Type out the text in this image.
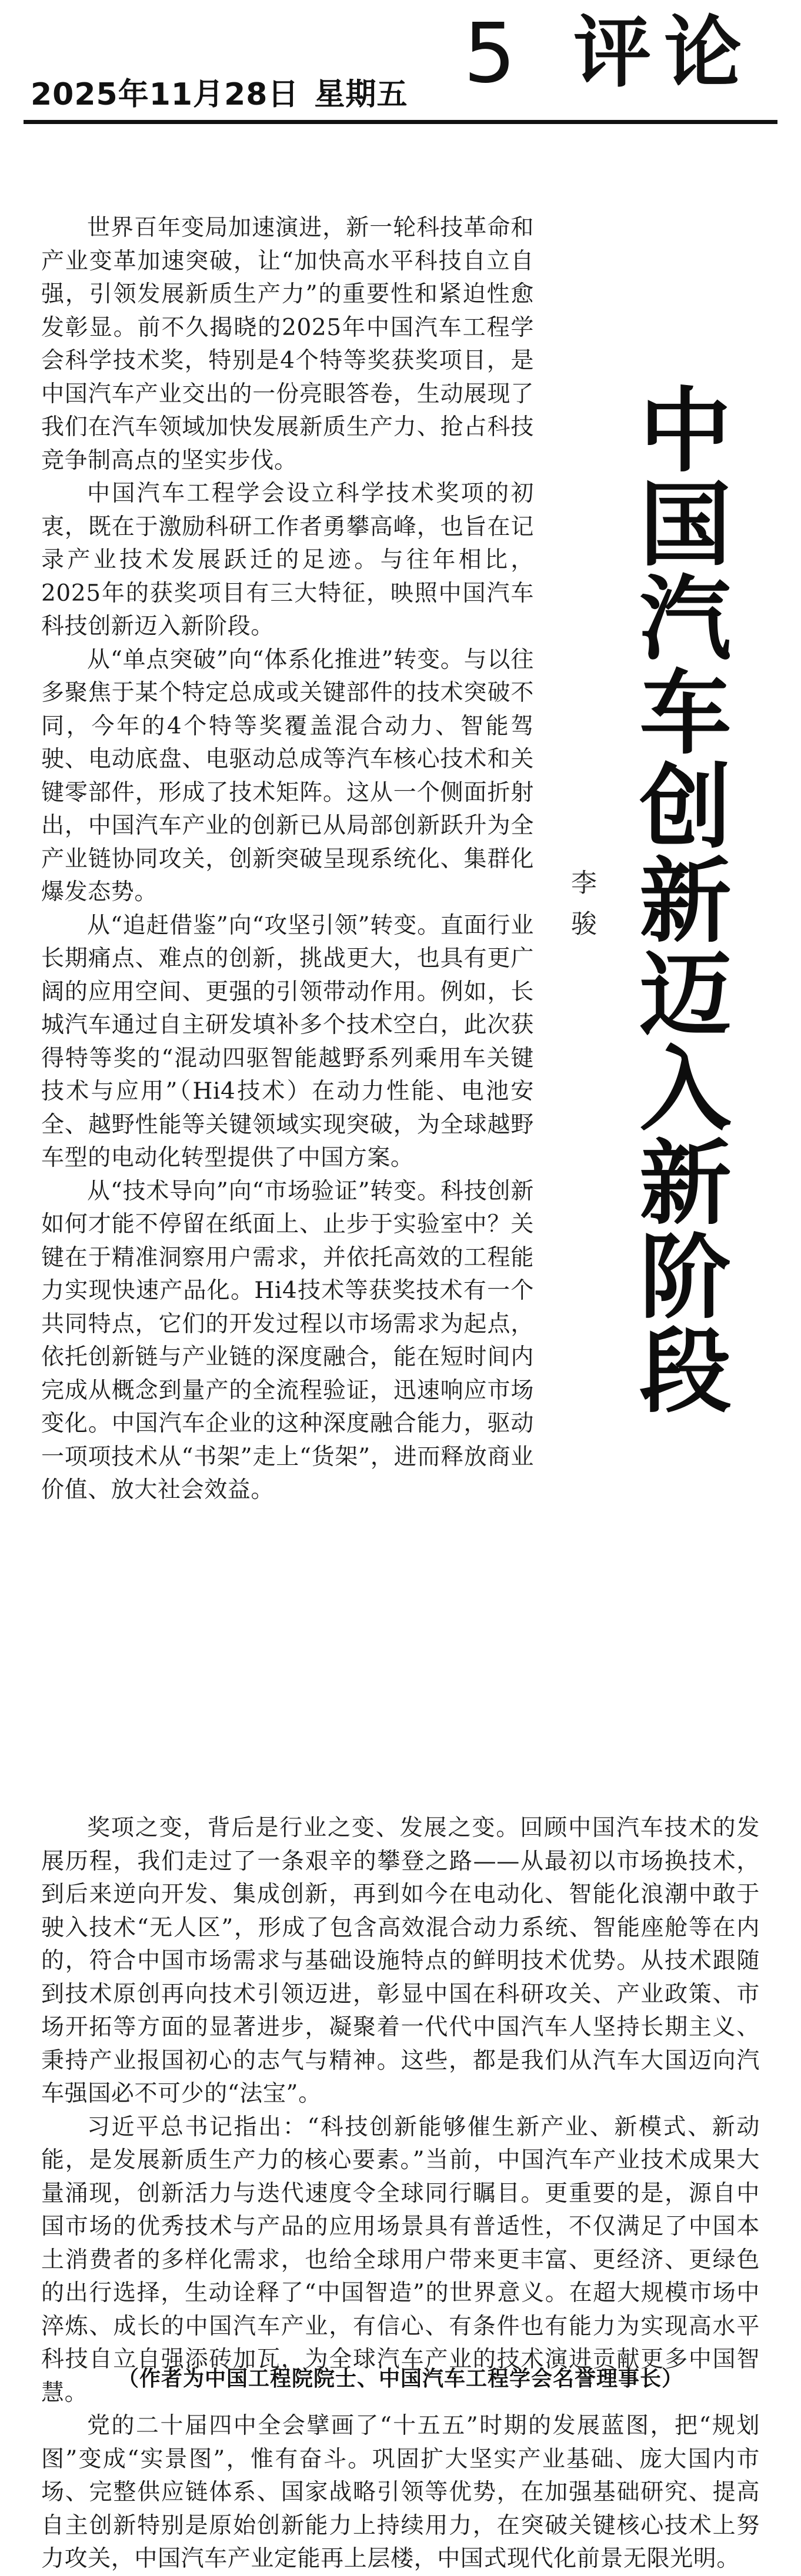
2025年11月28日 星期五 5 评论
中国汽车创新迈入新阶段
李骏

世界百年变局加速演进，新一轮科技革命和产业变革加速突破，让“加快高水平科技自立自强，引领发展新质生产力”的重要性和紧迫性愈发彰显。前不久揭晓的2025年中国汽车工程学会科学技术奖，特别是4个特等奖获奖项目，是中国汽车产业交出的一份亮眼答卷，生动展现了我们在汽车领域加快发展新质生产力、抢占科技竞争制高点的坚实步伐。

中国汽车工程学会设立科学技术奖项的初衷，既在于激励科研工作者勇攀高峰，也旨在记录产业技术发展跃迁的足迹。与往年相比，2025年的获奖项目有三大特征，映照中国汽车科技创新迈入新阶段。

从“单点突破”向“体系化推进”转变。与以往多聚焦于某个特定总成或关键部件的技术突破不同，今年的4个特等奖覆盖混合动力、智能驾驶、电动底盘、电驱动总成等汽车核心技术和关键零部件，形成了技术矩阵。这从一个侧面折射出，中国汽车产业的创新已从局部创新跃升为全产业链协同攻关，创新突破呈现系统化、集群化爆发态势。

从“追赶借鉴”向“攻坚引领”转变。直面行业长期痛点、难点的创新，挑战更大，也具有更广阔的应用空间、更强的引领带动作用。例如，长城汽车通过自主研发填补多个技术空白，此次获得特等奖的“混动四驱智能越野系列乘用车关键技术与应用”（Hi4技术）在动力性能、电池安全、越野性能等关键领域实现突破，为全球越野车型的电动化转型提供了中国方案。

从“技术导向”向“市场验证”转变。科技创新如何才能不停留在纸面上、止步于实验室中？关键在于精准洞察用户需求，并依托高效的工程能力实现快速产品化。Hi4技术等获奖技术有一个共同特点，它们的开发过程以市场需求为起点，依托创新链与产业链的深度融合，能在短时间内完成从概念到量产的全流程验证，迅速响应市场变化。中国汽车企业的这种深度融合能力，驱动一项项技术从“书架”走上“货架”，进而释放商业价值、放大社会效益。

奖项之变，背后是行业之变、发展之变。回顾中国汽车技术的发展历程，我们走过了一条艰辛的攀登之路——从最初以市场换技术，到后来逆向开发、集成创新，再到如今在电动化、智能化浪潮中敢于驶入技术“无人区”，形成了包含高效混合动力系统、智能座舱等在内的，符合中国市场需求与基础设施特点的鲜明技术优势。从技术跟随到技术原创再向技术引领迈进，彰显中国在科研攻关、产业政策、市场开拓等方面的显著进步，凝聚着一代代中国汽车人坚持长期主义、秉持产业报国初心的志气与精神。这些，都是我们从汽车大国迈向汽车强国必不可少的“法宝”。

习近平总书记指出：“科技创新能够催生新产业、新模式、新动能，是发展新质生产力的核心要素。”当前，中国汽车产业技术成果大量涌现，创新活力与迭代速度令全球同行瞩目。更重要的是，源自中国市场的优秀技术与产品的应用场景具有普适性，不仅满足了中国本土消费者的多样化需求，也给全球用户带来更丰富、更经济、更绿色的出行选择，生动诠释了“中国智造”的世界意义。在超大规模市场中淬炼、成长的中国汽车产业，有信心、有条件也有能力为实现高水平科技自立自强添砖加瓦，为全球汽车产业的技术演进贡献更多中国智慧。

党的二十届四中全会擘画了“十五五”时期的发展蓝图，把“规划图”变成“实景图”，惟有奋斗。巩固扩大坚实产业基础、庞大国内市场、完整供应链体系、国家战略引领等优势，在加强基础研究、提高自主创新特别是原始创新能力上持续用力，在突破关键核心技术上努力攻关，中国汽车产业定能再上层楼，中国式现代化前景无限光明。

（作者为中国工程院院士、中国汽车工程学会名誉理事长）
